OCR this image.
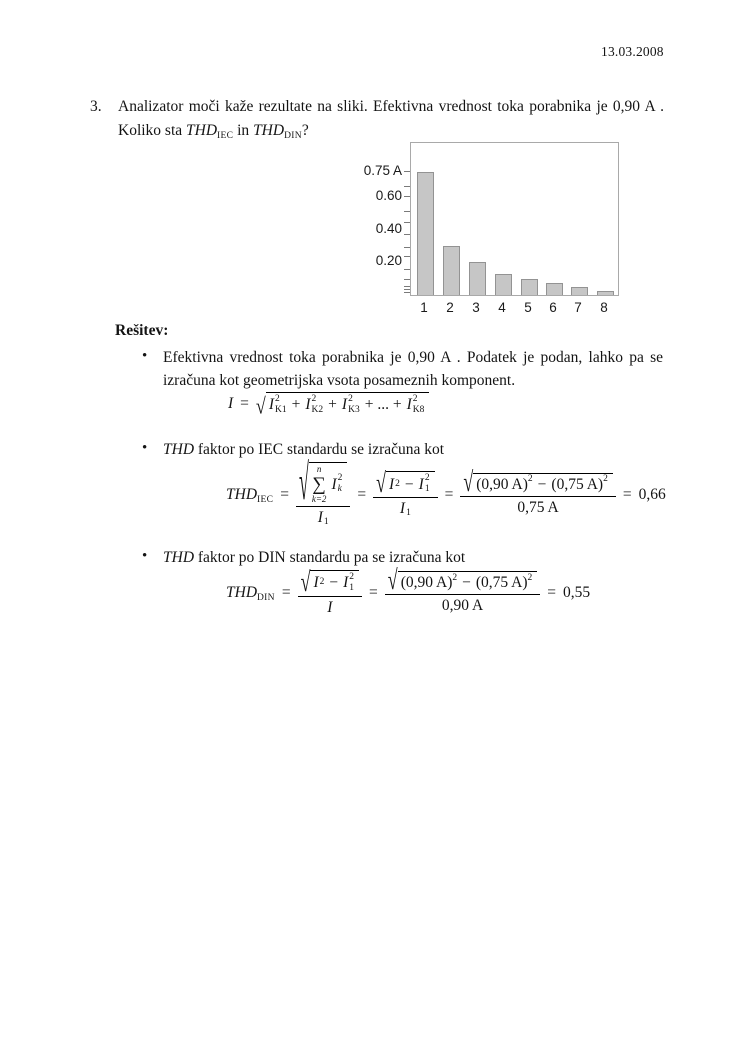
13.03.2008
3. Analizator moči kaže rezultate na sliki. Efektivna vrednost toka porabnika je 0,90 A .
Koliko sta THDIEC in THDDIN?
0.75 A
0.60
0.40
0.20
1	2	3	4	5	6	7	8
Rešitev:
• Efektivna vrednost toka porabnika je 0,90 A . Podatek je podan, lahko pa se
izračuna kot geometrijska vsota posameznih komponent.
I = √ I 2
K1 + I 2
K2 + I 2
K3 + ... + I 2
K8
• THD faktor po IEC standardu se izračuna kot
THD IEC = √ n
∑
k=2
I 2
k
I 1 = √ I 2 − I 2
1
I 1 = √ (0,90 A) 2 − (0,75 A) 2
0,75 A
= 0,66
• THD faktor po DIN standardu pa se izračuna kot
THD DIN = √ I 2 − I 2
1
I = √ (0,90 A) 2 − (0,75 A) 2
0,90 A
= 0,55
